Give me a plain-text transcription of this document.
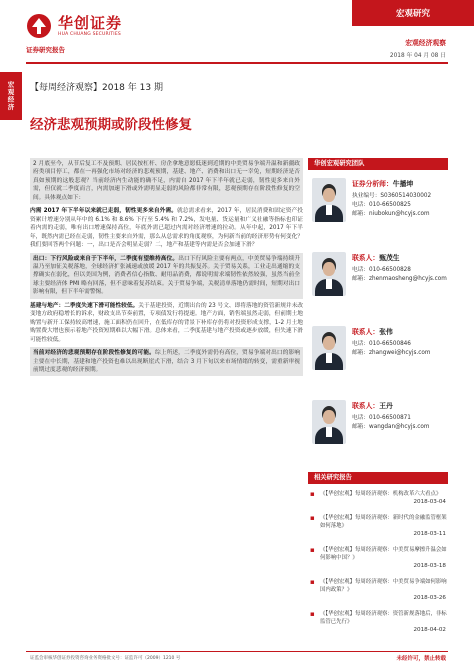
华创证券
HUA CHUANG SECURITIES
证券研究报告
宏观研究
宏观经济观察
2018 年 04 月 08 日
宏观经济	【每周经济观察】2018 年 13 期
经济悲观预期或阶段性修复

2 月底至今，从节后复工不及预期、居民按杠杆、房企拿地意愿低迷到近期的中美贸易争端升温和新疆政府类项目停工，都在一再强化市场对经济的悲观预期，基建、地产、消费和出口无一幸免，短期经济是否真如预期的这般悲观？当前经济内生动能的确不足，内需自 2017 年下半年就已走弱，韧性更多来自外需，但仅就二季度而言，内需加速下滑或外需明显走弱的风险都非常有限，悲观预期存在阶段性修复的空间。具体观点如下：

内需 2017 年下半年以来就已走弱，韧性更多来自外需。就总需求看来，2017 年，居民消费和固定资产投资累计增速分别从年中的 6.1% 和 8.6% 下行至 5.4% 和 7.2%，发电量、货运量和广义社融等指标也印证着内需的走弱，唯有出口增速保持高位，年底外需已超过内需对经济增速的拉动。从年中起，2017 年下半年，既然内需已经在走弱，韧性主要来自外需，那么从总需求的角度观察，为何新当前的经济形势有何变化？我们要回答两个问题：一，出口是否会明显走弱？二，地产和基建等内需是否会加速下滑？

出口：下行风险或来自于下半年，二季度有望维持高位。出口下行风险主要有两点，中美贸易争端持续升温乃至加征关税落地，全球经济扩张减速或放缓 2017 年的共振复苏。关于贸易关系，工业走出通缩的支撑确实在弱化，但以美国为例，消费者信心指数、耐用品消费，都说明需求端韧性依然较强，虽然当前全球主要经济体 PMI 略有回落，但不意味着复苏结束。关于贸易争端，关税清单落地仍需时间，短期对出口影响有限，但下半年需警惕。

基建与地产：二季度失速下滑可能性较低。关于基建投资，近期出台的 23 号文、即将落地的资管新规并未改变地方政府稳增长的诉求，财政支出节奏前置，专项债发行将提速。地产方面，销售端虽然走弱，但前期土地购置与新开工保持较高增速，施工面积仍在回升，在低库存的背景下补库存仍将对投资形成支撑，1-2 月土地购置费大增也预示着地产投资短期难以大幅下滑。总体来看，二季度基建与地产投资或逐步放缓，但失速下滑可能性较低。

当前对经济的悲观预期存在阶段性修复的可能。综上所述，二季度外需仍有高位，贸易争端对出口的影响主要在中长期，基建和地产投资也难以出现断崖式下滑，结合 3 月下旬以来市场情绪的转变，需重新审视前期过度悲观的经济预期。

华创宏观研究团队
证券分析师：牛播坤
执业编号：S0360514030002
电话：010-66500825
邮箱：niubokun@hcyjs.com
联系人：甄茂生
电话：010-66500828
邮箱：zhenmaosheng@hcyjs.com
联系人：张伟
电话：010-66500846
邮箱：zhangwei@hcyjs.com
联系人：王丹
电话：010-66500871
邮箱：wangdan@hcyjs.com
相关研究报告
▪ 《【华创宏观】每周经济观察：机构改革六大看点》
2018-03-04
▪ 《【华创宏观】每周经济观察：新时代的金融监管框架如何落地》
2018-03-11
▪ 《【华创宏观】每周经济观察：中美贸易摩擦升温会如何影响中国？》
2018-03-18
▪ 《【华创宏观】每周经济观察：中美贸易争端如何影响国内政策？》
2018-03-26
▪ 《【华创宏观】每周经济观察：资管新规落地后，非标监管已先行》
2018-04-02
证监会审核华创证券投资咨询业务资格批文号：证监许可（2009）1210 号	未经许可，禁止转载
